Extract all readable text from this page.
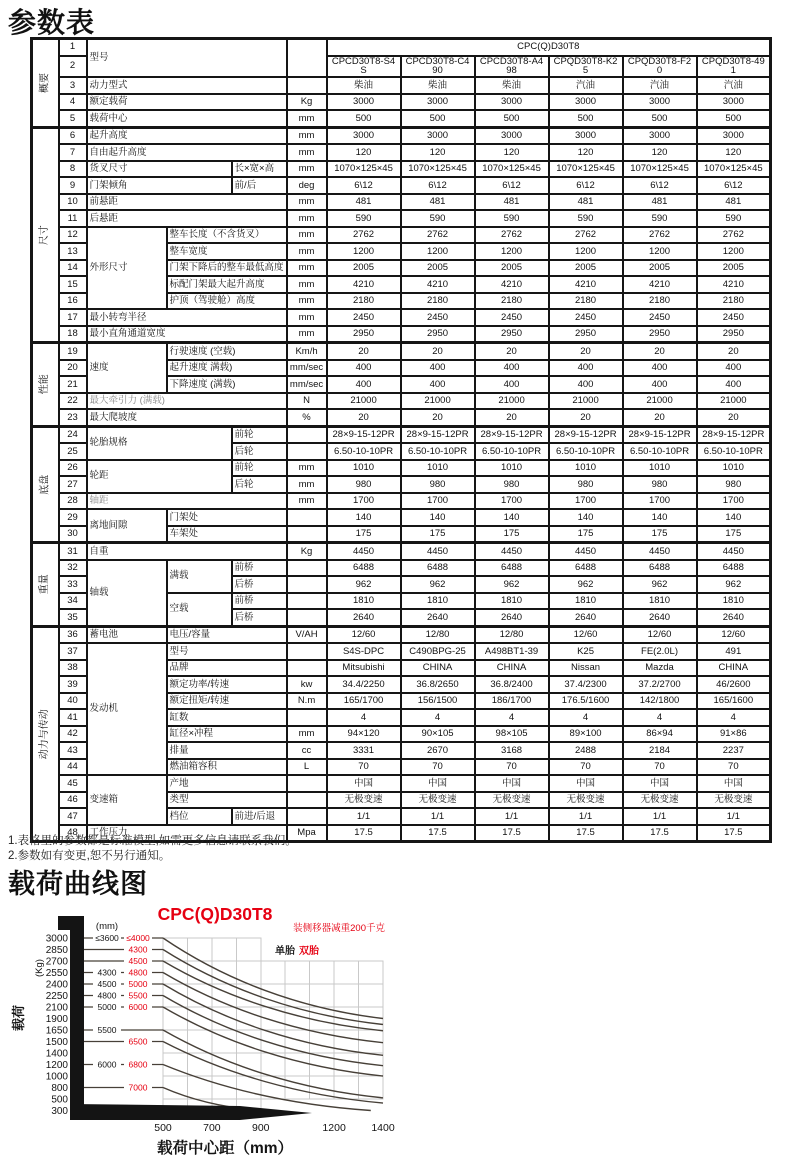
参数表
概要	1	型号				CPC(Q)D30T8					
	2					CPCD30T8-S4S	CPCD30T8-C490	CPCD30T8-A498	CPQD30T8-K25	CPQD30T8-F20	CPQD30T8-491
	3	动力型式				柴油	柴油	柴油	汽油	汽油	汽油
	4	额定载荷			Kg	3000	3000	3000	3000	3000	3000
	5	载荷中心			mm	500	500	500	500	500	500

尺寸	6	起升高度			mm	3000	3000	3000	3000	3000	3000
	7	自由起升高度			mm	120	120	120	120	120	120
	8	货叉尺寸		长×宽×高	mm	1070×125×45	1070×125×45	1070×125×45	1070×125×45	1070×125×45	1070×125×45
	9	门架倾角		前/后	deg	6\12	6\12	6\12	6\12	6\12	6\12
	10	前悬距			mm	481	481	481	481	481	481
	11	后悬距			mm	590	590	590	590	590	590
	12	外形尺寸	整车长度（不含货叉）		mm	2762	2762	2762	2762	2762	2762
	13		整车宽度		mm	1200	1200	1200	1200	1200	1200
	14		门架下降后的整车最低高度		mm	2005	2005	2005	2005	2005	2005
	15		标配门架最大起升高度		mm	4210	4210	4210	4210	4210	4210
	16		护顶（驾驶舱）高度		mm	2180	2180	2180	2180	2180	2180
	17	最小转弯半径			mm	2450	2450	2450	2450	2450	2450
	18	最小直角通道宽度			mm	2950	2950	2950	2950	2950	2950

性能	19	速度	行驶速度 (空载)		Km/h	20	20	20	20	20	20
	20		起升速度 满载)		mm/sec	400	400	400	400	400	400
	21		下降速度 (满载)		mm/sec	400	400	400	400	400	400
	22	最大牵引力 (满载)			N	21000	21000	21000	21000	21000	21000
	23	最大爬坡度			%	20	20	20	20	20	20

底盘	24	轮胎规格		前轮		28×9-15-12PR	28×9-15-12PR	28×9-15-12PR	28×9-15-12PR	28×9-15-12PR	28×9-15-12PR
	25			后轮		6.50-10-10PR	6.50-10-10PR	6.50-10-10PR	6.50-10-10PR	6.50-10-10PR	6.50-10-10PR
	26	轮距		前轮	mm	1010	1010	1010	1010	1010	1010
	27			后轮	mm	980	980	980	980	980	980
	28	轴距			mm	1700	1700	1700	1700	1700	1700
	29	离地间隙	门架处			140	140	140	140	140	140
	30		车架处			175	175	175	175	175	175

重量	31	自重			Kg	4450	4450	4450	4450	4450	4450
	32	轴载	满载	前桥		6488	6488	6488	6488	6488	6488
	33			后桥		962	962	962	962	962	962
	34		空载	前桥		1810	1810	1810	1810	1810	1810
	35			后桥		2640	2640	2640	2640	2640	2640

动力与传动	36	蓄电池	电压/容量		V/AH	12/60	12/80	12/80	12/60	12/60	12/60
	37	发动机	型号			S4S-DPC	C490BPG-25	A498BT1-39	K25	FE(2.0L)	491
	38		品牌			Mitsubishi	CHINA	CHINA	Nissan	Mazda	CHINA
	39		额定功率/转速		kw	34.4/2250	36.8/2650	36.8/2400	37.4/2300	37.2/2700	46/2600
	40		额定扭矩/转速		N.m	165/1700	156/1500	186/1700	176.5/1600	142/1800	165/1600
	41		缸数			4	4	4	4	4	4
	42		缸径×冲程		mm	94×120	90×105	98×105	89×100	86×94	91×86
	43		排量		cc	3331	2670	3168	2488	2184	2237
	44		燃油箱容积		L	70	70	70	70	70	70
	45	变速箱	产地			中国	中国	中国	中国	中国	中国
	46		类型			无极变速	无极变速	无极变速	无极变速	无极变速	无极变速
	47		档位	前进/后退		1/1	1/1	1/1	1/1	1/1	1/1
	48	工作压力			Mpa	17.5	17.5	17.5	17.5	17.5	17.5
1.表格里的参数都是标准模型,如需更多信息请联系我们。
2.参数如有变更,恕不另行通知。
载荷曲线图
≤3600 ≤4000
4300
4500
4300 4800
4500 5000
4800 5500
5000 6000
5500
6500
6000 6800
7000
3000
2850
2700
2550
2400
2250
2100
1900
1650
1500
1400
1200
1000
800
500
300
(mm)
(Kg)
载荷
500	700	900	1200 1400
载荷中心距（mm）
CPC(Q)D30T8
装侧移器减重200千克
单胎 双胎
